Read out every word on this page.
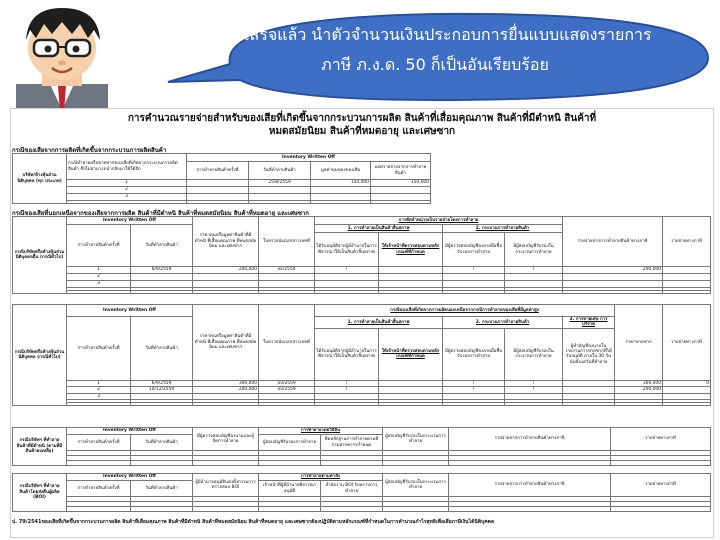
เมื่อเสร็จแล้ว นำตัวจำนวนเงินประกอบการยื่นแบบแสดงรายการ
ภาษี ภ.ง.ด. 50 ก็เป็นอันเรียบร้อย
การคำนวณรายจ่ายสำหรับของเสียที่เกิดขึ้นจากกระบวนการผลิต สินค้าที่เสื่อมคุณภาพ สินค้าที่มีตำหนิ สินค้าที่
หมดสมัยนิยม สินค้าที่หมดอายุ และเศษซาก
กรณีของเสียจากการผลิตที่เกิดขึ้นจากกระบวนการผลิตสินค้า
บริษัท/ห้างหุ้นส่วนนิติบุคคล (ทุก ประเภท)	กรณีทำลายหรือขายซากของเสียที่เกิดจากกระบวนการผลิตสินค้า ซึ่งไม่สามารถนำกลับมาใช้ได้อีก	Inventory Written Off			
		การทำลายสินค้าครั้งที่	วันที่ทำลายสินค้า	มูลค่าทุนของของเสีย	ยอดรายจ่ายจากการทำลายสินค้า
	1		25/8/2559	150,000	150,000
	2				
	3				

กรณีของเสียที่นอกเหนือจากของเสียจากการผลิต สินค้าที่มีตำหนิ สินค้าที่หมดสมัยนิยม สินค้าที่หมดอายุ และเศษซาก
กรณีบริษัทหรือห้างหุ้นส่วนนิติบุคคลอื่น (กรณีทั่วไป)	Inventory Written Off		ราคาทุนหรือมูลค่าสินค้าที่มีตำหนิ ที่เสื่อมคุณภาพ ที่หมดสมัยนิยม และเศษซาก	ใบตรวจนับ/เอกสารเลขที่	การตัดจำหน่ายเป็นรายจ่ายโดยการทำลาย				รายจ่ายจากการทำลายสินค้าทางภาษี	รายจ่ายทางภาษี
	การทำลายสินค้าครั้งที่	วันที่ทำลายสินค้า			1. การทำลายเป็นสินค้าสิ้นสภาพ		2. กระบวนการทำลายสินค้า			
					ได้รับอนุมัติจากผู้มีอำนาจในการพิจารณาให้เป็นสินค้าสิ้นสภาพ	ให้เจ้าหน้าที่ตรวจสอบตามหลักเกณฑ์ที่กำหนด	มีผู้ตรวจสอบบัญชีลงลายมือชื่อรับรองการทำลาย	มีผู้สอบบัญชีรับรองในกระบวนการทำลาย		
	1	6/9/2559	200,000	xx/2559	/		/	/	200,000	
	2									
	3									

กรณีบริษัทหรือห้างหุ้นส่วนนิติบุคคล (กรณีทั่วไป)	Inventory Written Off		ราคาทุนหรือมูลค่าสินค้าที่มีตำหนิ ที่เสื่อมคุณภาพ ที่หมดสมัยนิยม และเศษซาก	ใบตรวจนับ/เอกสารเลขที่	กรณีของเสียที่เกิดจากการผลิตนอกเหนือจากกรณีการทำลายของเสียที่มีมูลค่าสูง					ราคาขายซาก	รายจ่ายทางภาษี
	การทำลายสินค้าครั้งที่	วันที่ทำลายสินค้า			1. การทำลายเป็นสินค้าสิ้นสภาพ		2. กระบวนการทำลายสินค้า		3. การขายเศษ การบริจาค		
					ได้รับอนุมัติจากผู้มีอำนาจในการพิจารณาให้เป็นสินค้าสิ้นสภาพ	ให้เจ้าหน้าที่ตรวจสอบตามหลักเกณฑ์ที่กำหนด	มีผู้ตรวจสอบบัญชีลงลายมือชื่อรับรองการทำลาย	มีผู้สอบบัญชีรับรองในกระบวนการทำลาย	ผู้ทำบัญชีลงนามในรายงานการขายซากที่ได้รับอนุมัติ ภายใน 30 วัน นับตั้งแต่วันที่ทำลาย		
	1	6/9/2559	300,000	ปป/2559	/		/	/		300,000	0
	2	10/12/2559	200,000	ปป/2559	/		/	/		200,000	
	3										

กรณีบริษัทฯ ที่ทำลายสินค้าที่มีตำหนิ (ตามที่มีสินค้าคงเหลือ)	Inventory Written Off		มีผู้ตรวจสอบบัญชีลงนามและผู้จัดการทำลาย	การทำลายโดยวิธีอื่น		ผู้สอบบัญชีรับรองในกระบวนการทำลาย	รายจ่ายจากการทำลายสินค้าทางภาษี	รายจ่ายทางภาษี
	การทำลายสินค้าครั้งที่	วันที่ทำลายสินค้า		ผู้สอบบัญชีรับรองการทำลาย	ยึดหลักฐานการทำลายตามที่กรมสรรพากรกำหนด			

กรณีบริษัทฯ ที่ทำลายสินค้าโดยส่งคืนผู้ผลิต (BOI)	Inventory Written Off		ผู้มีอำนาจอนุมัติแต่งตั้งกรรมการตรวจสอบ BOI	การทำลายตามคำสั่ง		ผู้สอบบัญชีรับรองในกระบวนการทำลาย	รายจ่ายจากการทำลายสินค้าทางภาษี	รายจ่ายทางภาษี
	การทำลายสินค้าครั้งที่	วันที่ทำลายสินค้า		เจ้าหน้าที่ผู้มีอำนาจพิจารณาอนุมัติ	สำนักงาน BOI รับทราบการทำลาย			

ป. 79/2541ของเสียที่เกิดขึ้นจากกระบวนการผลิต สินค้าที่เสื่อมคุณภาพ สินค้าที่มีตำหนิ สินค้าที่หมดสมัยนิยม สินค้าที่หมดอายุ และเศษซากต้องปฏิบัติตามหลักเกณฑ์ที่กำหนดในการคำนวณกำไรสุทธิเพื่อเสียภาษีเงินได้นิติบุคคล
